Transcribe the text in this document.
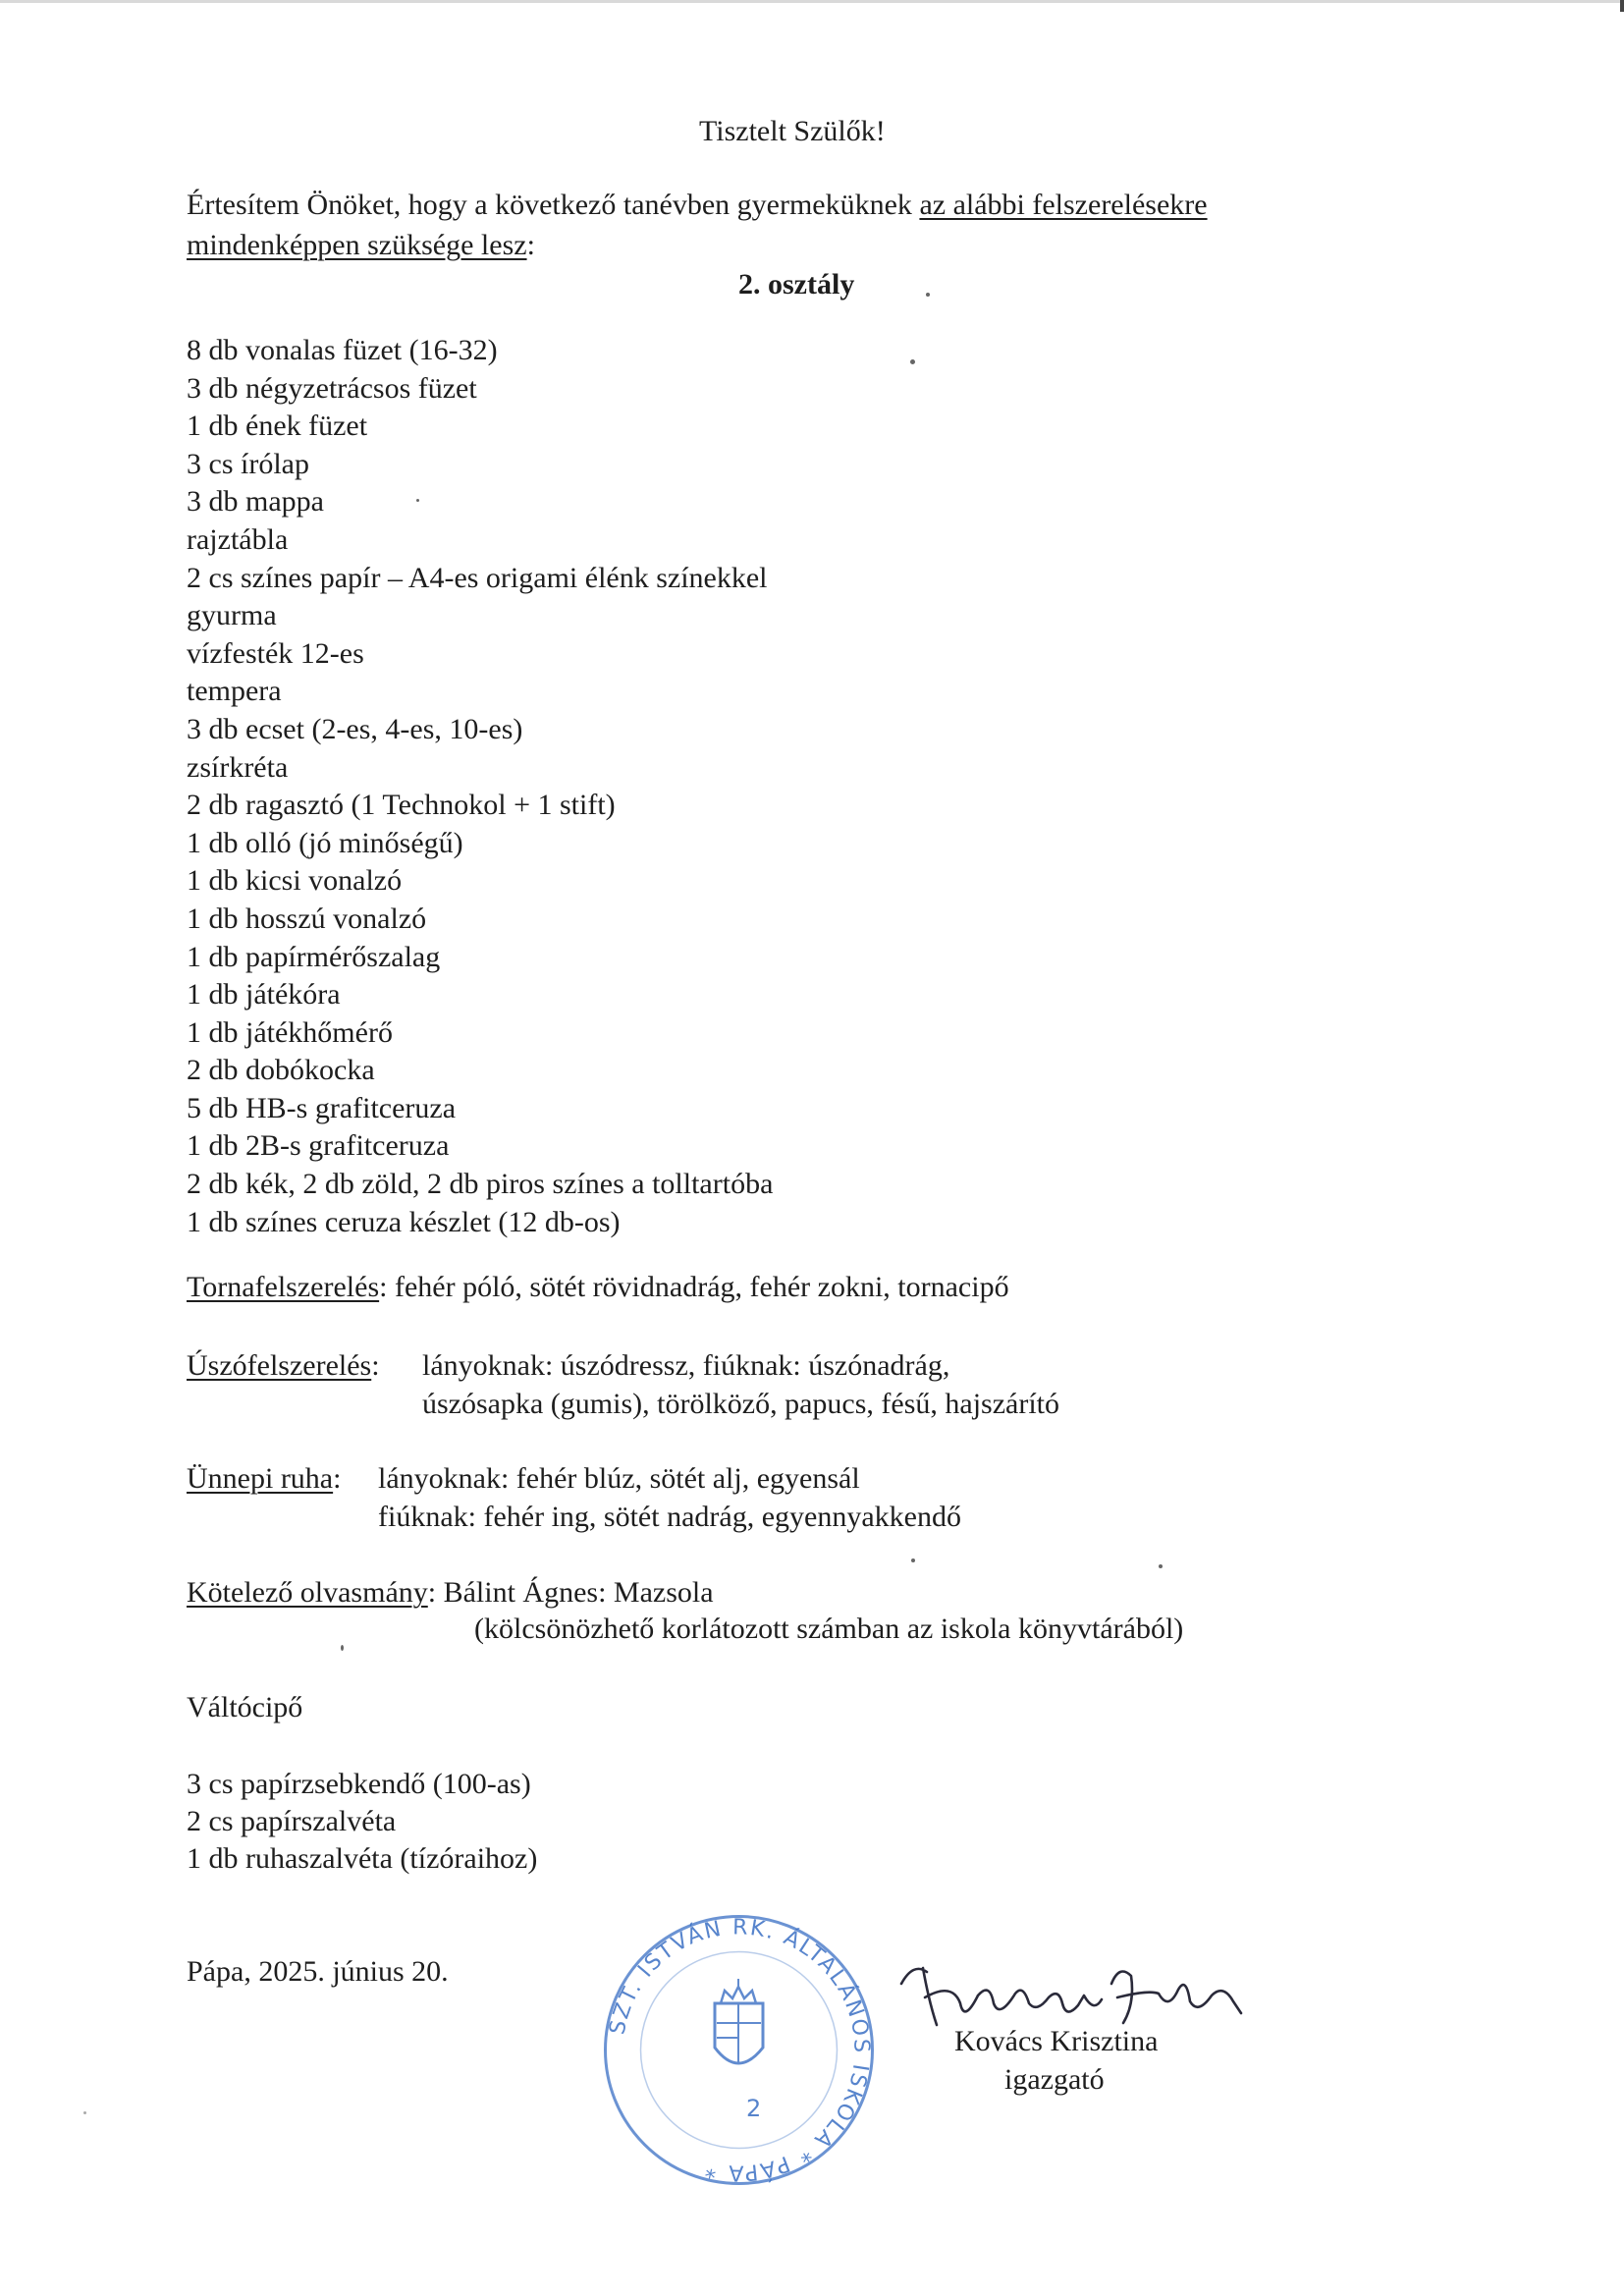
Tisztelt Szülők!
Értesítem Önöket, hogy a következő tanévben gyermeküknek az alábbi felszerelésekre
mindenképpen szüksége lesz:
2. osztály
8 db vonalas füzet (16-32)
3 db négyzetrácsos füzet
1 db ének füzet
3 cs írólap
3 db mappa
rajztábla
2 cs színes papír – A4-es origami élénk színekkel
gyurma
vízfesték 12-es
tempera
3 db ecset (2-es, 4-es, 10-es)
zsírkréta
2 db ragasztó (1 Technokol + 1 stift)
1 db olló (jó minőségű)
1 db kicsi vonalzó
1 db hosszú vonalzó
1 db papírmérőszalag
1 db játékóra
1 db játékhőmérő
2 db dobókocka
5 db HB-s grafitceruza
1 db 2B-s grafitceruza
2 db kék, 2 db zöld, 2 db piros színes a tolltartóba
1 db színes ceruza készlet (12 db-os)
Tornafelszerelés: fehér póló, sötét rövidnadrág, fehér zokni, tornacipő
Úszófelszerelés: lányoknak: úszódressz, fiúknak: úszónadrág,
úszósapka (gumis), törölköző, papucs, fésű, hajszárító
Ünnepi ruha: lányoknak: fehér blúz, sötét alj, egyensál
fiúknak: fehér ing, sötét nadrág, egyennyakkendő
Kötelező olvasmány: Bálint Ágnes: Mazsola
(kölcsönözhető korlátozott számban az iskola könyvtárából)
Váltócipő
3 cs papírzsebkendő (100-as)
2 cs papírszalvéta
1 db ruhaszalvéta (tízóraihoz)
Pápa, 2025. június 20.
SZT. ISTVÁN RK. ÁLTALÁNOS ISKOLA * PÁPA *
2
Kovács Krisztina
igazgató
